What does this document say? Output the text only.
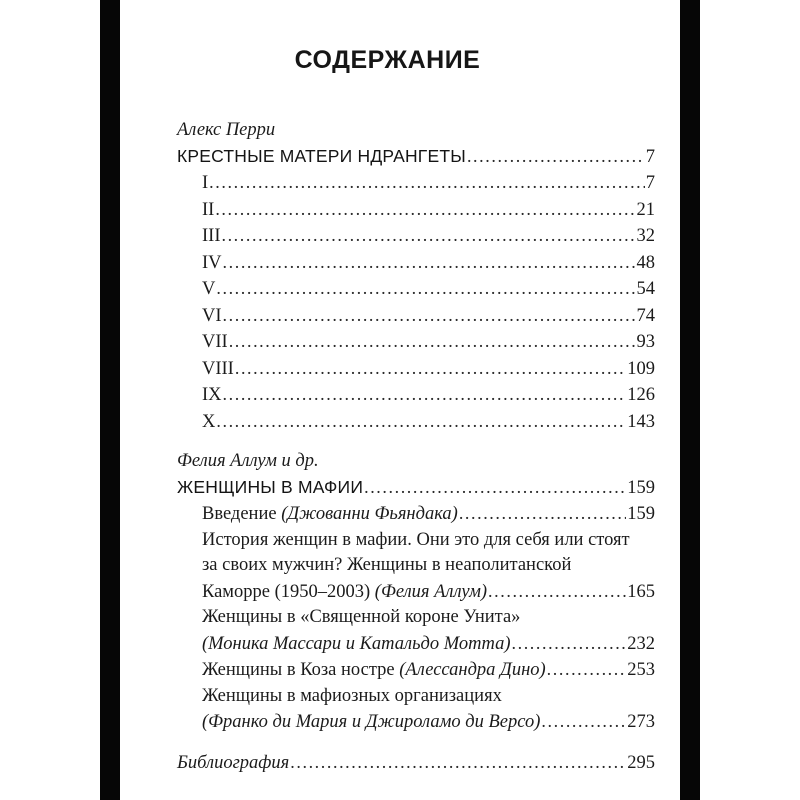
СОДЕРЖАНИЕ
Алекс Перри
КРЕСТНЫЕ МАТЕРИ НДРАНГЕТЫ .....	7
I .....	7
II .....	21
III .....	32
IV .....	48
V .....	54
VI .....	74
VII .....	93
VIII .....	109
IX .....	126
X .....	143
Фелия Аллум и др.
ЖЕНЩИНЫ В МАФИИ .....	159
Введение (Джованни Фьяндака) .....	159
История женщин в мафии. Они это для себя или стоят
за своих мужчин? Женщины в неаполитанской
Каморре (1950–2003) (Фелия Аллум) .....	165
Женщины в «Священной короне Унита»
(Моника Массари и Катальдо Мотта) .....	232
Женщины в Коза ностре (Алессандра Дино) .....	253
Женщины в мафиозных организациях
(Франко ди Мария и Джироламо ди Версо) .....	273
Библиография .....	295
